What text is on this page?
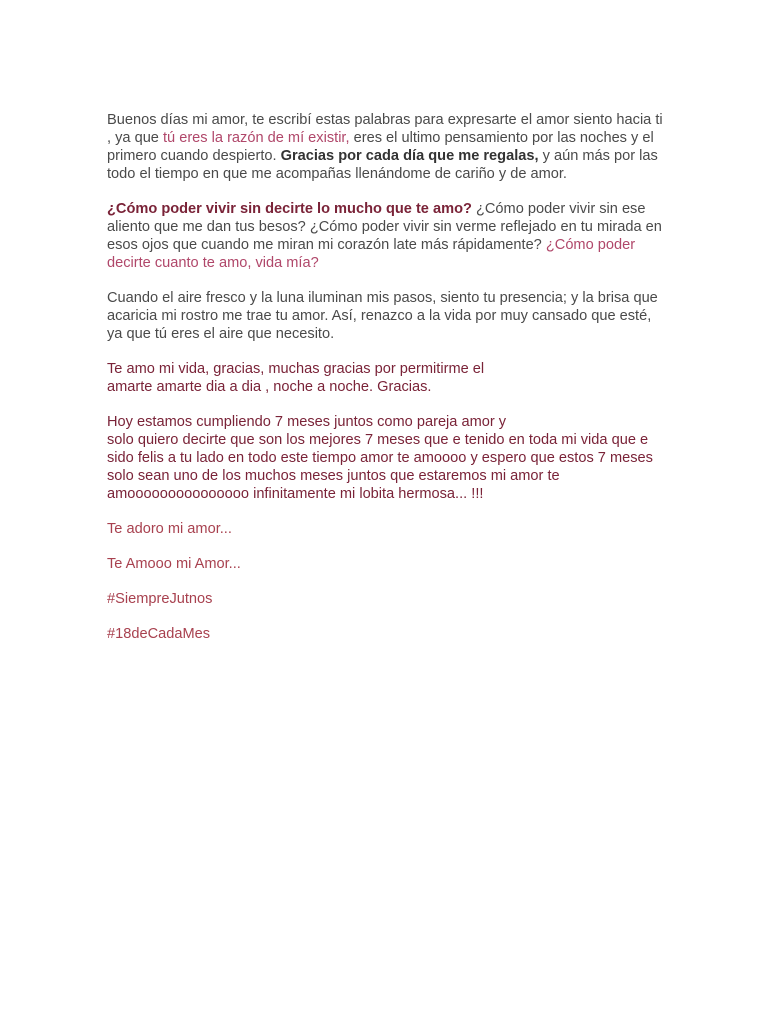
Buenos días mi amor, te escribí estas palabras para expresarte el amor siento hacia ti , ya que tú eres la razón de mí existir, eres el ultimo pensamiento por las noches y el primero cuando despierto. Gracias por cada día que me regalas, y aún más por las todo el tiempo en que me acompañas llenándome de cariño y de amor.

¿Cómo poder vivir sin decirte lo mucho que te amo? ¿Cómo poder vivir sin ese aliento que me dan tus besos? ¿Cómo poder vivir sin verme reflejado en tu mirada en esos ojos que cuando me miran mi corazón late más rápidamente? ¿Cómo poder decirte cuanto te amo, vida mía?

Cuando el aire fresco y la luna iluminan mis pasos, siento tu presencia; y la brisa que acaricia mi rostro me trae tu amor. Así, renazco a la vida por muy cansado que esté, ya que tú eres el aire que necesito.

Te amo mi vida, gracias, muchas gracias por permitirme el
amarte amarte dia a dia , noche a noche. Gracias.

Hoy estamos cumpliendo 7 meses juntos como pareja amor y
solo quiero decirte que son los mejores 7 meses que e tenido en toda mi vida que e sido felis a tu lado en todo este tiempo amor te amoooo y espero que estos 7 meses solo sean uno de los muchos meses juntos que estaremos mi amor te amooooooooooooooo infinitamente mi lobita hermosa... !!!

Te adoro mi amor...

Te Amooo mi Amor...

#SiempreJutnos

#18deCadaMes
